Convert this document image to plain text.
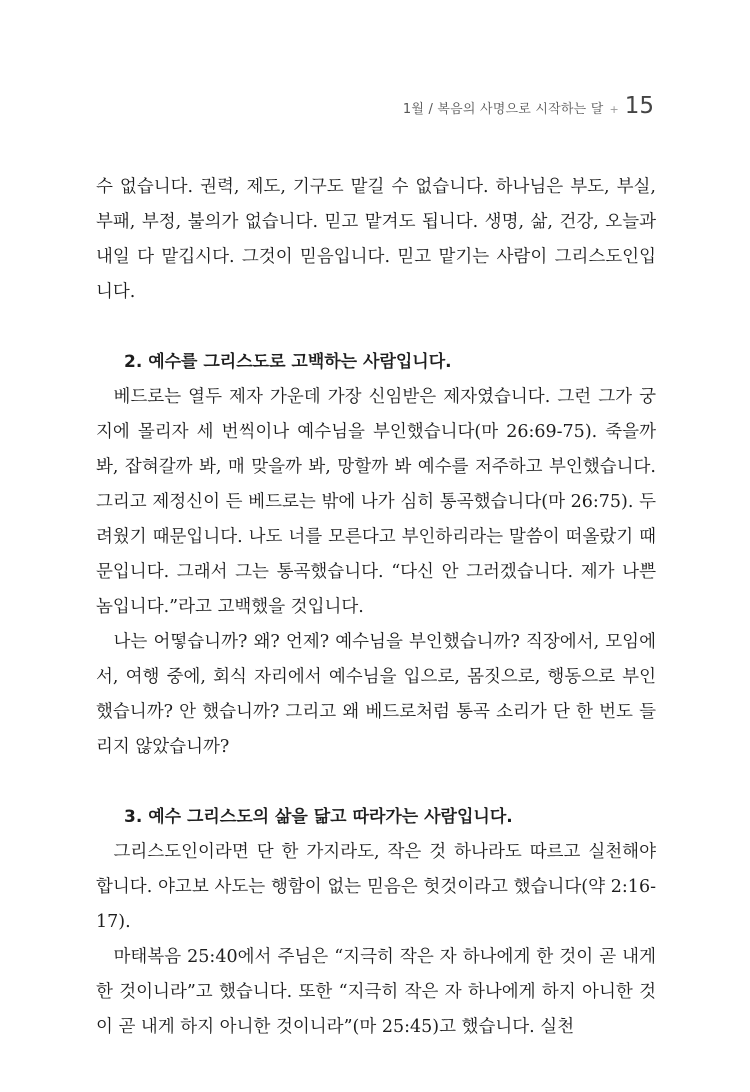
1월 / 복음의 사명으로 시작하는 달 + 15

수 없습니다. 권력, 제도, 기구도 맡길 수 없습니다. 하나님은 부도, 부실, 부패, 부정, 불의가 없습니다. 믿고 맡겨도 됩니다. 생명, 삶, 건강, 오늘과 내일 다 맡깁시다. 그것이 믿음입니다. 믿고 맡기는 사람이 그리스도인입니다.

2. 예수를 그리스도로 고백하는 사람입니다.

베드로는 열두 제자 가운데 가장 신임받은 제자였습니다. 그런 그가 궁지에 몰리자 세 번씩이나 예수님을 부인했습니다(마 26:69-75). 죽을까 봐, 잡혀갈까 봐, 매 맞을까 봐, 망할까 봐 예수를 저주하고 부인했습니다. 그리고 제정신이 든 베드로는 밖에 나가 심히 통곡했습니다(마 26:75). 두려웠기 때문입니다. 나도 너를 모른다고 부인하리라는 말씀이 떠올랐기 때문입니다. 그래서 그는 통곡했습니다. “다신 안 그러겠습니다. 제가 나쁜 놈입니다.”라고 고백했을 것입니다.

나는 어떻습니까? 왜? 언제? 예수님을 부인했습니까? 직장에서, 모임에서, 여행 중에, 회식 자리에서 예수님을 입으로, 몸짓으로, 행동으로 부인했습니까? 안 했습니까? 그리고 왜 베드로처럼 통곡 소리가 단 한 번도 들리지 않았습니까?

3. 예수 그리스도의 삶을 닮고 따라가는 사람입니다.

그리스도인이라면 단 한 가지라도, 작은 것 하나라도 따르고 실천해야 합니다. 야고보 사도는 행함이 없는 믿음은 헛것이라고 했습니다(약 2:16-17).

마태복음 25:40에서 주님은 “지극히 작은 자 하나에게 한 것이 곧 내게 한 것이니라”고 했습니다. 또한 “지극히 작은 자 하나에게 하지 아니한 것이 곧 내게 하지 아니한 것이니라”(마 25:45)고 했습니다. 실천
